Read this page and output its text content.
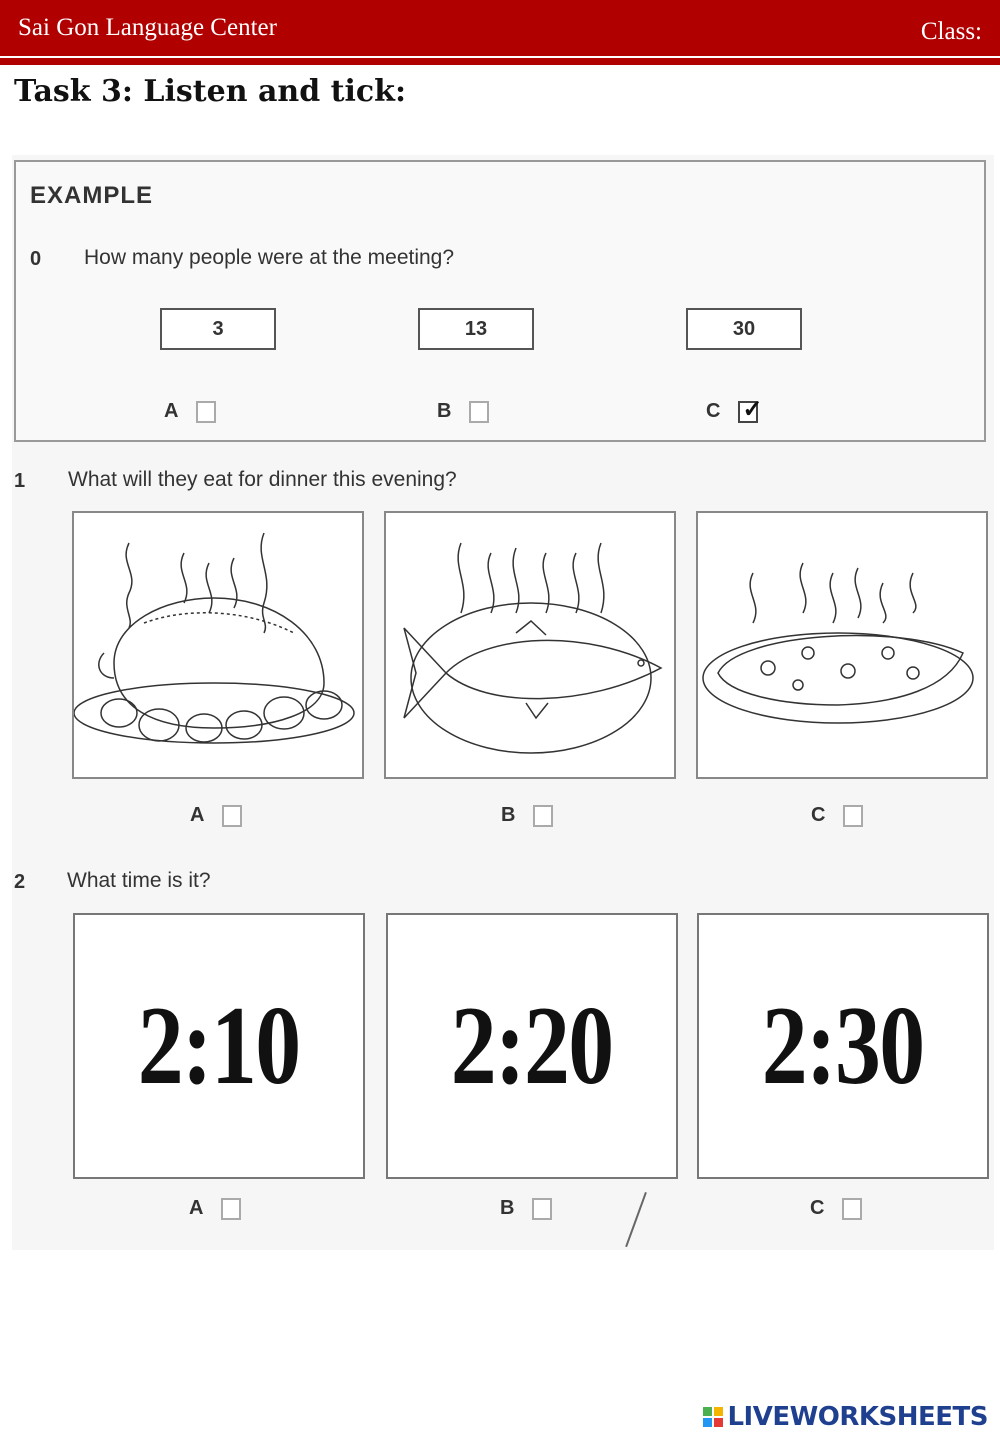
Sai Gon Language Center	Class:
Task 3: Listen and tick:
EXAMPLE
0 How many people were at the meeting?
3	13	30
A	B	C ✓
1 What will they eat for dinner this evening?
A	B	C
2 What time is it?
2:10 2:20 2:30
A	B	C
LIVEWORKSHEETS
